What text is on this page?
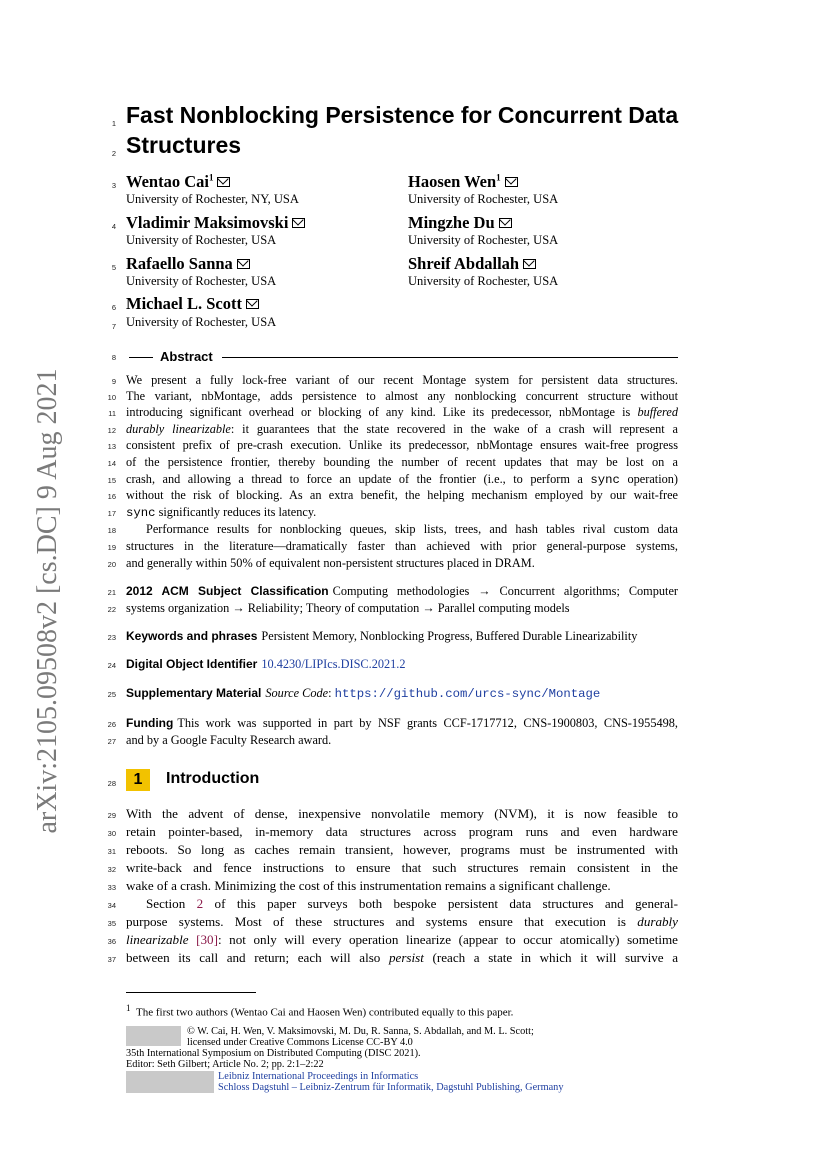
arXiv:2105.09508v2 [cs.DC] 9 Aug 2021
1
2
3
4
5
6
7
8
9
10
11
12
13
14
15
16
17
18
19
20
21
22
23
24
25
26
27
28
29
30
31
32
33
34
35
36
37
Fast Nonblocking Persistence for Concurrent Data
Structures
Wentao Cai$^1$
University of Rochester, NY, USA
Haosen Wen$^1$
University of Rochester, USA
Vladimir Maksimovski
University of Rochester, USA
Mingzhe Du
University of Rochester, USA
Rafaello Sanna
University of Rochester, USA
Shreif Abdallah
University of Rochester, USA
Michael L. Scott
University of Rochester, USA
Abstract
We present a fully lock-free variant of our recent Montage system for persistent data structures.
The variant, nbMontage, adds persistence to almost any nonblocking concurrent structure without
introducing significant overhead or blocking of any kind. Like its predecessor, nbMontage is buffered
durably linearizable: it guarantees that the state recovered in the wake of a crash will represent a
consistent prefix of pre-crash execution. Unlike its predecessor, nbMontage ensures wait-free progress
of the persistence frontier, thereby bounding the number of recent updates that may be lost on a
crash, and allowing a thread to force an update of the frontier (i.e., to perform a sync operation)
without the risk of blocking. As an extra benefit, the helping mechanism employed by our wait-free
sync significantly reduces its latency.
Performance results for nonblocking queues, skip lists, trees, and hash tables rival custom data
structures in the literature—dramatically faster than achieved with prior general-purpose systems,
and generally within 50% of equivalent non-persistent structures placed in DRAM.
2012 ACM Subject Classification Computing methodologies → Concurrent algorithms; Computer
systems organization → Reliability; Theory of computation → Parallel computing models
Keywords and phrases Persistent Memory, Nonblocking Progress, Buffered Durable Linearizability
Digital Object Identifier 10.4230/LIPIcs.DISC.2021.2
Supplementary Material Source Code: https://github.com/urcs-sync/Montage
Funding This work was supported in part by NSF grants CCF-1717712, CNS-1900803, CNS-1955498,
and by a Google Faculty Research award.
1	Introduction
With the advent of dense, inexpensive nonvolatile memory (NVM), it is now feasible to
retain pointer-based, in-memory data structures across program runs and even hardware
reboots. So long as caches remain transient, however, programs must be instrumented with
write-back and fence instructions to ensure that such structures remain consistent in the
wake of a crash. Minimizing the cost of this instrumentation remains a significant challenge.
Section 2 of this paper surveys both bespoke persistent data structures and general-
purpose systems. Most of these structures and systems ensure that execution is durably
linearizable [30]: not only will every operation linearize (appear to occur atomically) sometime
between its call and return; each will also persist (reach a state in which it will survive a
$^1$ The first two authors (Wentao Cai and Haosen Wen) contributed equally to this paper.
© W. Cai, H. Wen, V. Maksimovski, M. Du, R. Sanna, S. Abdallah, and M. L. Scott;
licensed under Creative Commons License CC-BY 4.0
35th International Symposium on Distributed Computing (DISC 2021).
Editor: Seth Gilbert; Article No. 2; pp. 2:1–2:22
Leibniz International Proceedings in Informatics
Schloss Dagstuhl – Leibniz-Zentrum für Informatik, Dagstuhl Publishing, Germany
